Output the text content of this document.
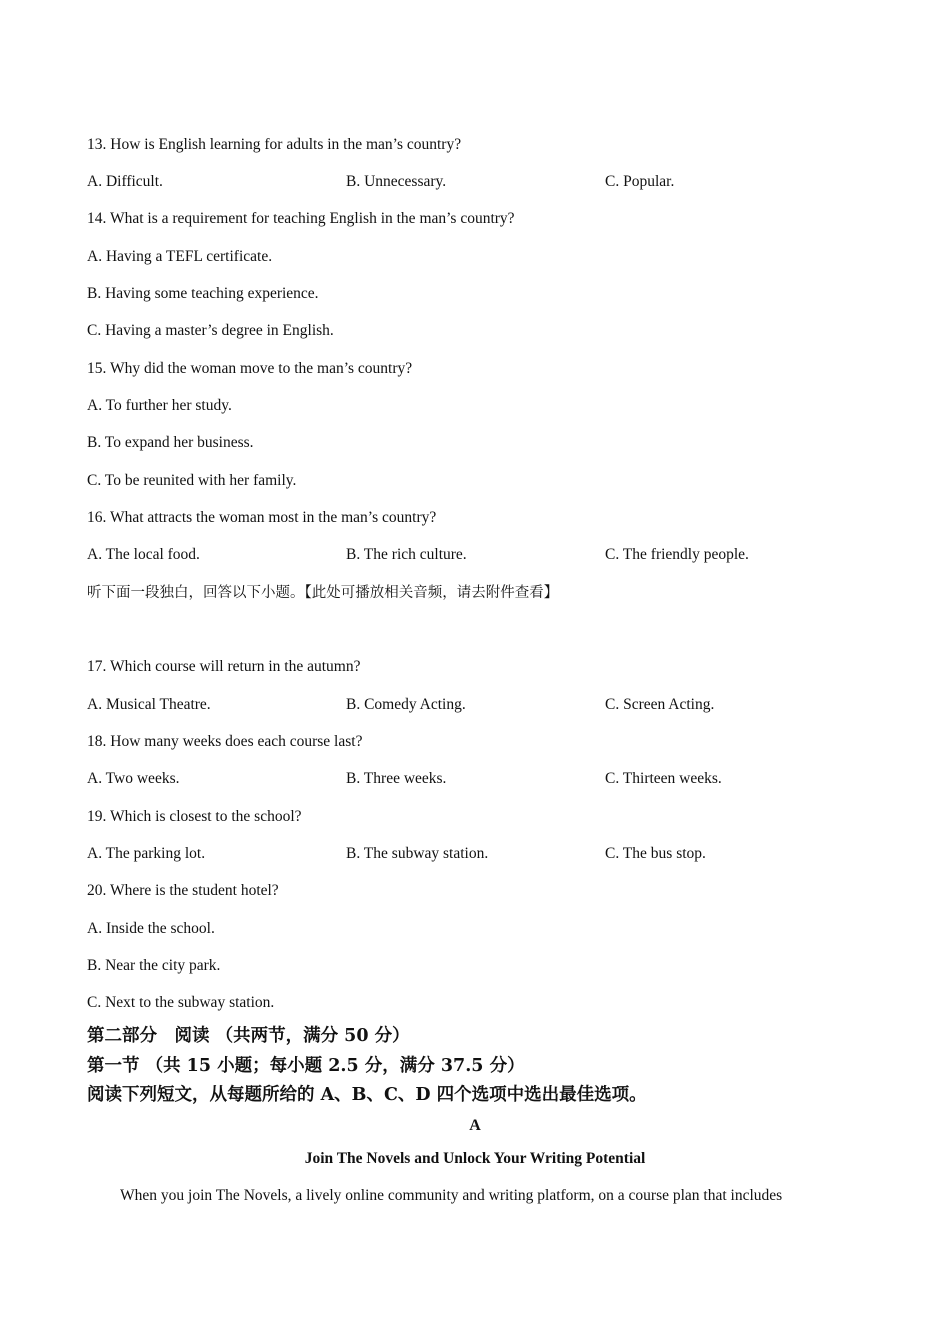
13. How is English learning for adults in the man’s country?
A. Difficult.	B. Unnecessary.	C. Popular.
14. What is a requirement for teaching English in the man’s country?
A. Having a TEFL certificate.
B. Having some teaching experience.
C. Having a master’s degree in English.
15. Why did the woman move to the man’s country?
A. To further her study.
B. To expand her business.
C. To be reunited with her family.
16. What attracts the woman most in the man’s country?
A. The local food.	B. The rich culture.	C. The friendly people.
听下面一段独白，回答以下小题。【此处可播放相关音频，请去附件查看】
17. Which course will return in the autumn?
A. Musical Theatre.	B. Comedy Acting.	C. Screen Acting.
18. How many weeks does each course last?
A. Two weeks.	B. Three weeks.	C. Thirteen weeks.
19. Which is closest to the school?
A. The parking lot.	B. The subway station.	C. The bus stop.
20. Where is the student hotel?
A. Inside the school.
B. Near the city park.
C. Next to the subway station.
第二部分　阅读 （共两节，满分 50 分）
第一节 （共 15 小题；每小题 2.5 分，满分 37.5 分）
阅读下列短文，从每题所给的 A、B、C、D 四个选项中选出最佳选项。
A
Join The Novels and Unlock Your Writing Potential
When you join The Novels, a lively online community and writing platform, on a course plan that includes
